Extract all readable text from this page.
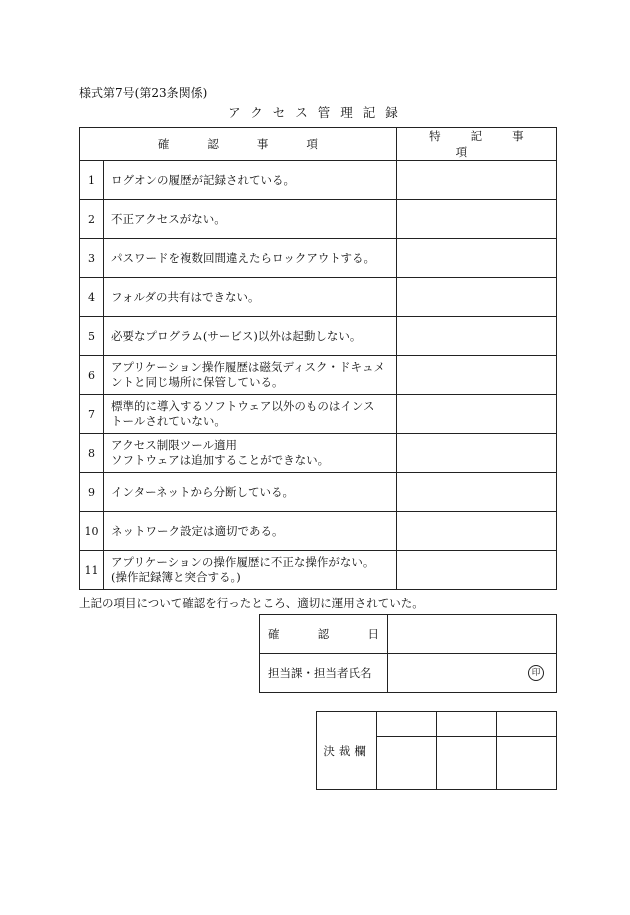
様式第7号(第23条関係)
アクセス管理記録
確認事項		特記事項
1	ログオンの履歴が記録されている。	

2	不正アクセスがない。	

3	パスワードを複数回間違えたらロックアウトする。	

4	フォルダの共有はできない。	

5	必要なプログラム(サービス)以外は起動しない。	

6	アプリケーション操作履歴は磁気ディスク・ドキュメ
ントと同じ場所に保管している。	

7	標準的に導入するソフトウェア以外のものはインス
トールされていない。	

8	アクセス制限ツール適用
ソフトウェアは追加することができない。	

9	インターネットから分断している。	

10	ネットワーク設定は適切である。	

11	アプリケーションの操作履歴に不正な操作がない。
(操作記録簿と突合する。)	

上記の項目について確認を行ったところ、適切に運用されていた。
確 認 日	

担当課・担当者氏名	印
決裁欄			
